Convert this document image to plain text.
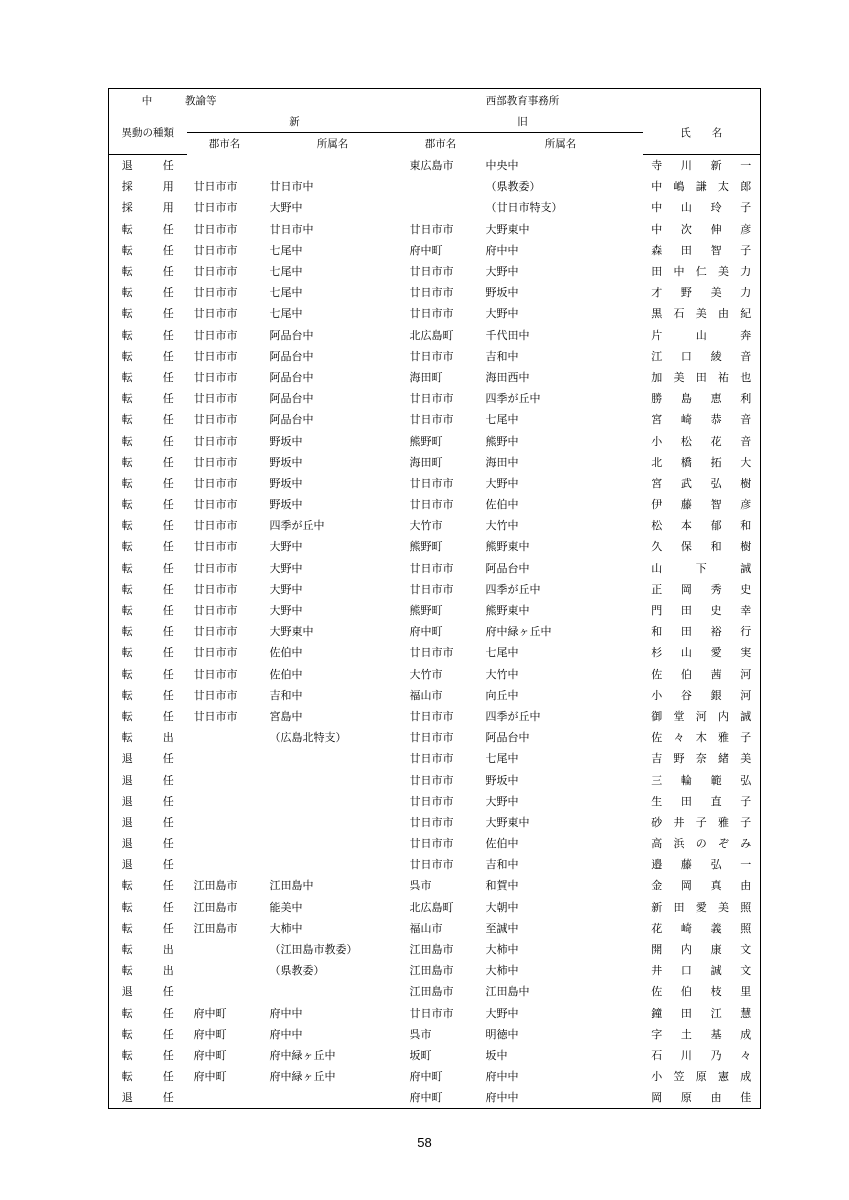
中 教諭等			西部教育事務所		
異動の種類	新		旧		氏　　名
	郡市名	所属名	郡市名	所属名	
退任			東広島市	中央中	寺川新一
採用	廿日市市	廿日市中		（県教委）	中嶋謙太郎
採用	廿日市市	大野中		（廿日市特支）	中山玲子
転任	廿日市市	廿日市中	廿日市市	大野東中	中次伸彦
転任	廿日市市	七尾中	府中町	府中中	森田智子
転任	廿日市市	七尾中	廿日市市	大野中	田中仁美力
転任	廿日市市	七尾中	廿日市市	野坂中	才野美力
転任	廿日市市	七尾中	廿日市市	大野中	黒石美由紀
転任	廿日市市	阿品台中	北広島町	千代田中	片山奔
転任	廿日市市	阿品台中	廿日市市	吉和中	江口綾音
転任	廿日市市	阿品台中	海田町	海田西中	加美田祐也
転任	廿日市市	阿品台中	廿日市市	四季が丘中	勝島恵利
転任	廿日市市	阿品台中	廿日市市	七尾中	宮崎恭音
転任	廿日市市	野坂中	熊野町	熊野中	小松花音
転任	廿日市市	野坂中	海田町	海田中	北橋拓大
転任	廿日市市	野坂中	廿日市市	大野中	宮武弘樹
転任	廿日市市	野坂中	廿日市市	佐伯中	伊藤智彦
転任	廿日市市	四季が丘中	大竹市	大竹中	松本郁和
転任	廿日市市	大野中	熊野町	熊野東中	久保和樹
転任	廿日市市	大野中	廿日市市	阿品台中	山下誠
転任	廿日市市	大野中	廿日市市	四季が丘中	正岡秀史
転任	廿日市市	大野中	熊野町	熊野東中	門田史幸
転任	廿日市市	大野東中	府中町	府中緑ヶ丘中	和田裕行
転任	廿日市市	佐伯中	廿日市市	七尾中	杉山愛実
転任	廿日市市	佐伯中	大竹市	大竹中	佐伯茜河
転任	廿日市市	吉和中	福山市	向丘中	小谷銀河
転任	廿日市市	宮島中	廿日市市	四季が丘中	御堂河内誠
転出		（広島北特支）	廿日市市	阿品台中	佐々木雅子
退任			廿日市市	七尾中	吉野奈緒美
退任			廿日市市	野坂中	三輪範弘
退任			廿日市市	大野中	生田直子
退任			廿日市市	大野東中	砂井子雅子
退任			廿日市市	佐伯中	高浜のぞみ
退任			廿日市市	吉和中	邉藤弘一
転任	江田島市	江田島中	呉市	和賀中	金岡真由
転任	江田島市	能美中	北広島町	大朝中	新田愛美照
転任	江田島市	大柿中	福山市	至誠中	花崎義照
転出		（江田島市教委）	江田島市	大柿中	開内康文
転出		（県教委）	江田島市	大柿中	井口誠文
退任			江田島市	江田島中	佐伯枝里
転任	府中町	府中中	廿日市市	大野中	鐘田江慧
転任	府中町	府中中	呉市	明徳中	字土基成
転任	府中町	府中緑ヶ丘中	坂町	坂中	石川乃々
転任	府中町	府中緑ヶ丘中	府中町	府中中	小笠原憲成
退任			府中町	府中中	岡原由佳
58
